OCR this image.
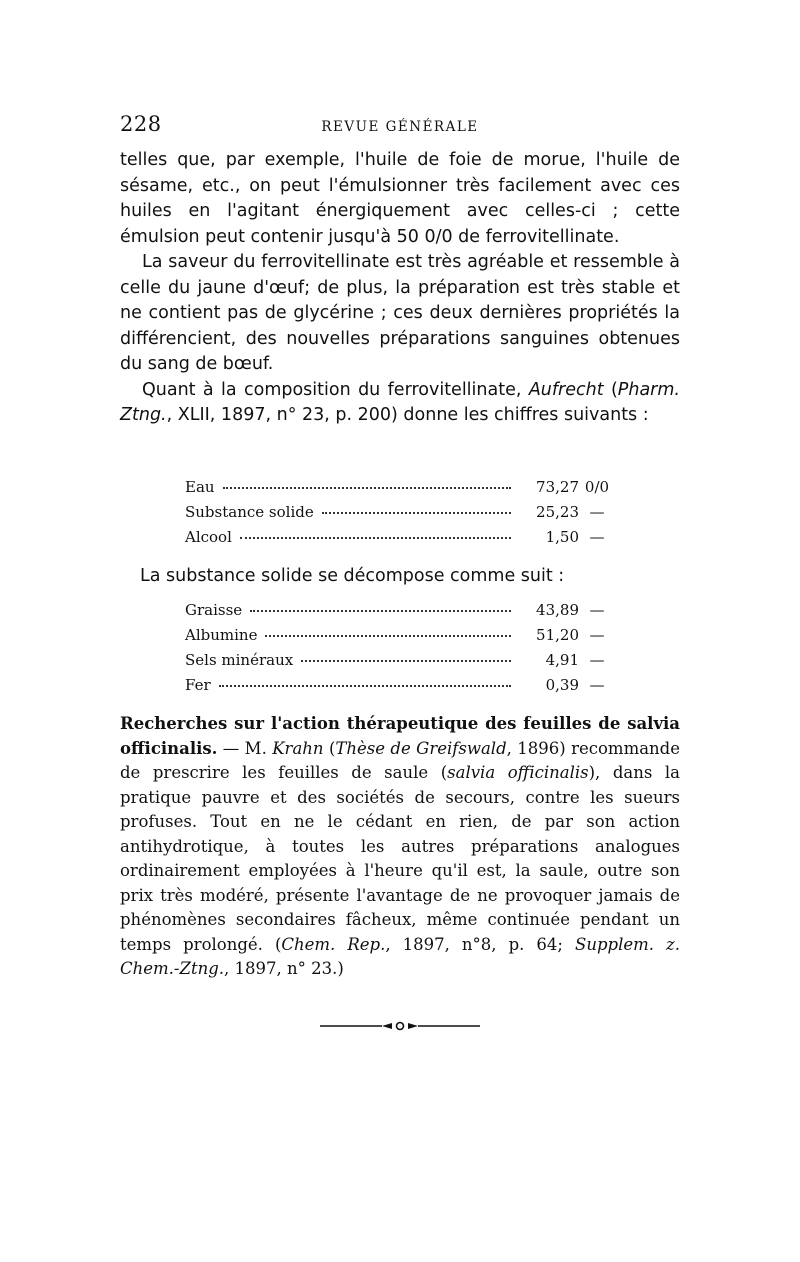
228	REVUE GÉNÉRALE

telles que, par exemple, l'huile de foie de morue, l'huile de sésame, etc., on peut l'émulsionner très facilement avec ces huiles en l'agitant énergiquement avec celles-ci ; cette émulsion peut contenir jusqu'à 50 0/0 de ferrovitellinate.

La saveur du ferrovitellinate est très agréable et ressemble à celle du jaune d'œuf; de plus, la préparation est très stable et ne contient pas de glycérine ; ces deux dernières propriétés la différencient, des nouvelles préparations sanguines obtenues du sang de bœuf.

Quant à la composition du ferrovitellinate, Aufrecht (Pharm. Ztng., XLII, 1897, n° 23, p. 200) donne les chiffres suivants :

Eau	73,27 0/0
Substance solide	25,23 —
Alcool	1,50 —
La substance solide se décompose comme suit :
Graisse	43,89 —
Albumine	51,20 —
Sels minéraux	4,91 —
Fer	0,39 —

Recherches sur l'action thérapeutique des feuilles de salvia officinalis. — M. Krahn (Thèse de Greifswald, 1896) recommande de prescrire les feuilles de saule (salvia officinalis), dans la pratique pauvre et des sociétés de secours, contre les sueurs profuses. Tout en ne le cédant en rien, de par son action antihydrotique, à toutes les autres préparations analogues ordinairement employées à l'heure qu'il est, la saule, outre son prix très modéré, présente l'avantage de ne provoquer jamais de phénomènes secondaires fâcheux, même continuée pendant un temps prolongé. (Chem. Rep., 1897, n°8, p. 64; Supplem. z. Chem.-Ztng., 1897, n° 23.)
